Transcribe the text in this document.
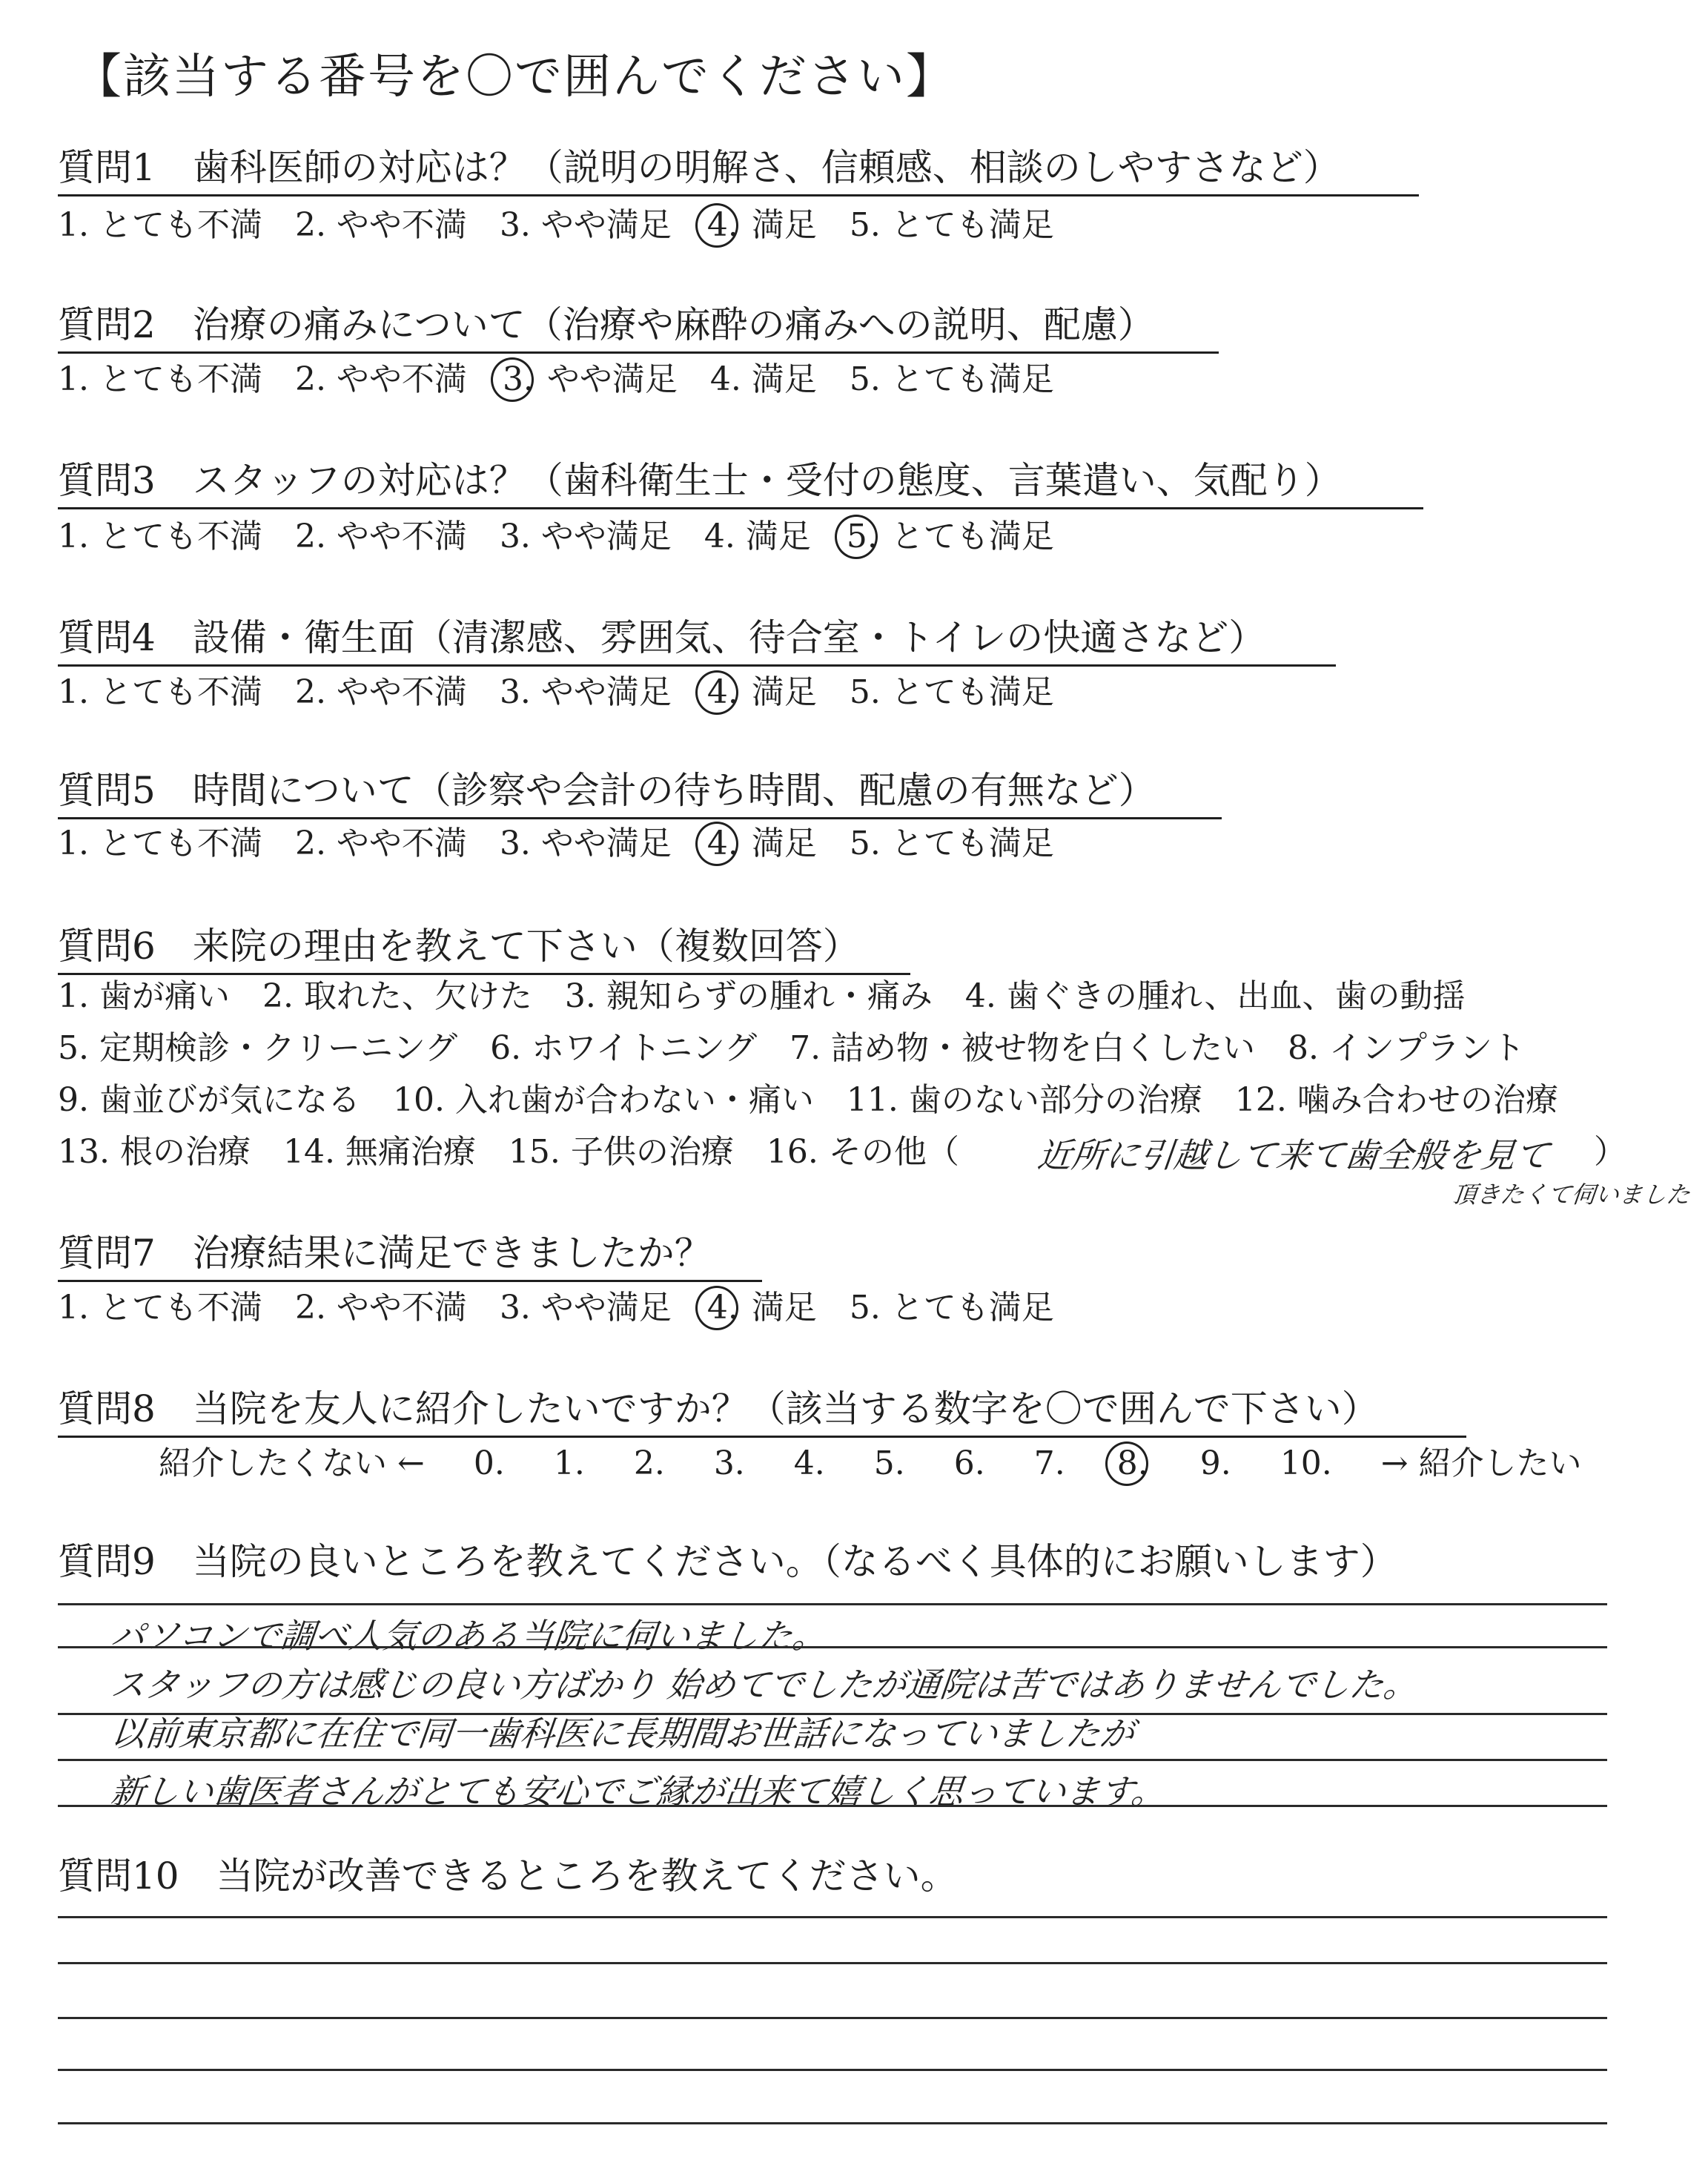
【該当する番号を〇で囲んでください】
質問1　歯科医師の対応は？（説明の明解さ、信頼感、相談のしやすさなど）
1. とても不満 2. やや不満 3. やや満足 4. 満足 5. とても満足
質問2　治療の痛みについて（治療や麻酔の痛みへの説明、配慮）
1. とても不満 2. やや不満 3. やや満足 4. 満足 5. とても満足
質問3　スタッフの対応は？（歯科衛生士・受付の態度、言葉遣い、気配り）
1. とても不満 2. やや不満 3. やや満足 4. 満足 5. とても満足
質問4　設備・衛生面（清潔感、雰囲気、待合室・トイレの快適さなど）
1. とても不満 2. やや不満 3. やや満足 4. 満足 5. とても満足
質問5　時間について（診察や会計の待ち時間、配慮の有無など）
1. とても不満 2. やや不満 3. やや満足 4. 満足 5. とても満足
質問6　来院の理由を教えて下さい（複数回答）
1. 歯が痛い　2. 取れた、欠けた　3. 親知らずの腫れ・痛み　4. 歯ぐきの腫れ、出血、歯の動揺
5. 定期検診・クリーニング　6. ホワイトニング　7. 詰め物・被せ物を白くしたい　8. インプラント
9. 歯並びが気になる　10. 入れ歯が合わない・痛い　11. 歯のない部分の治療　12. 噛み合わせの治療
13. 根の治療　14. 無痛治療　15. 子供の治療　16. その他（ 近所に引越して来て歯全般を見て ）
頂きたくて伺いました
質問7　治療結果に満足できましたか？
1. とても不満 2. やや不満 3. やや満足 4. 満足 5. とても満足
質問8　当院を友人に紹介したいですか？（該当する数字を〇で囲んで下さい）
紹介したくない ← 0. 1. 2. 3. 4. 5. 6. 7. 8. 9. 10. → 紹介したい
質問9　当院の良いところを教えてください。（なるべく具体的にお願いします）
パソコンで調べ人気のある当院に伺いました。
スタッフの方は感じの良い方ばかり 始めてでしたが通院は苦ではありませんでした。
以前東京都に在住で同一歯科医に長期間お世話になっていましたが
新しい歯医者さんがとても安心でご縁が出来て嬉しく思っています。
質問10　当院が改善できるところを教えてください。
